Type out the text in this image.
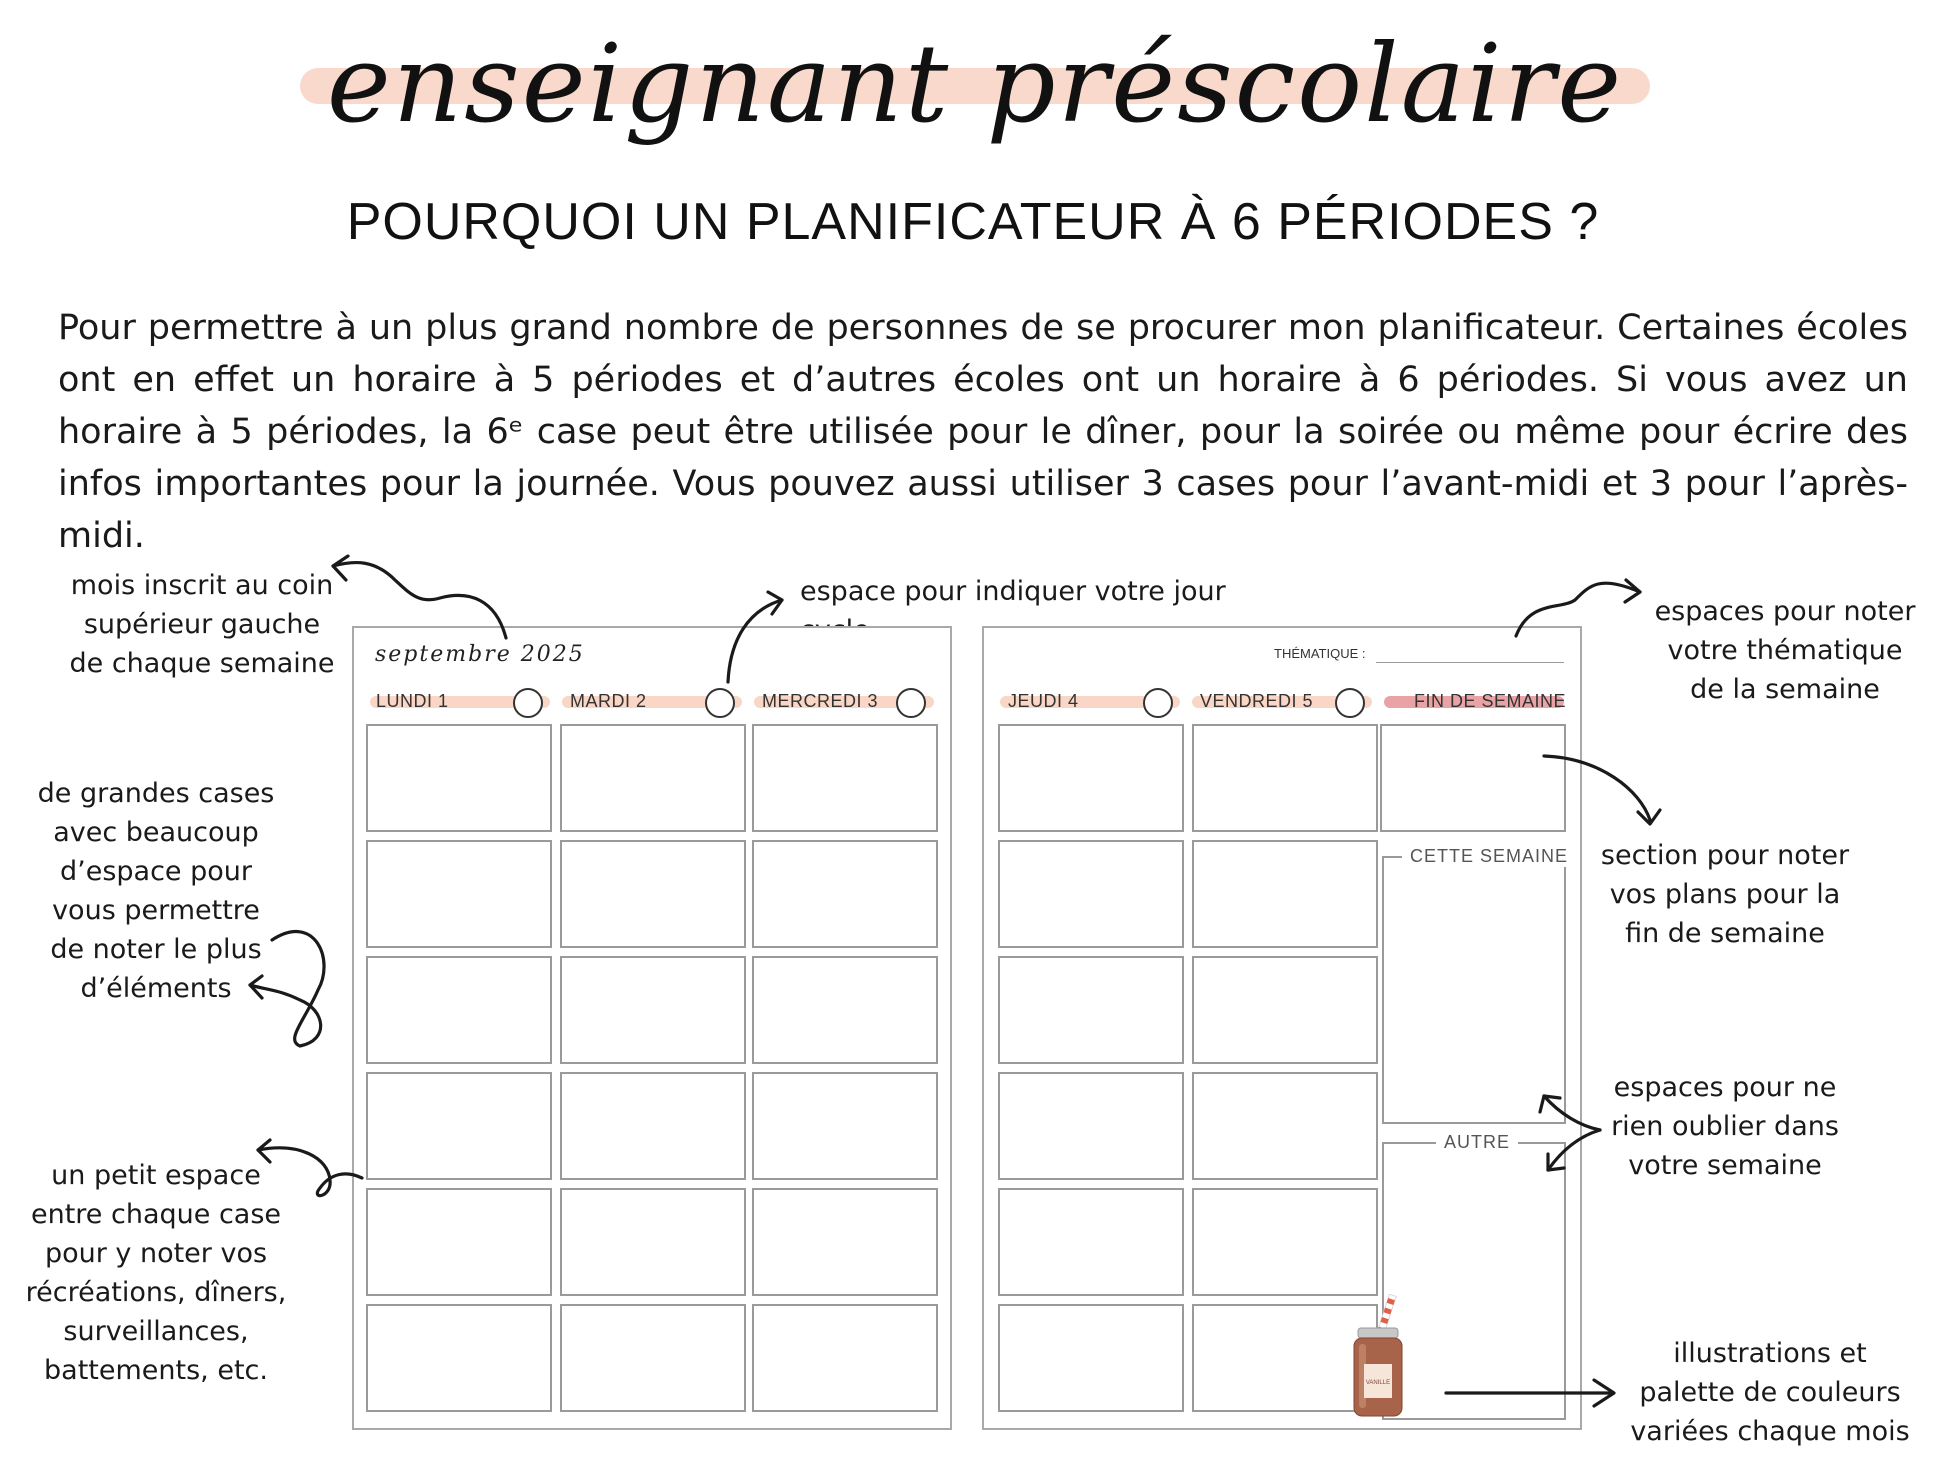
enseignant préscolaire
POURQUOI UN PLANIFICATEUR À 6 PÉRIODES ?

Pour permettre à un plus grand nombre de personnes de se procurer mon planificateur. Certaines écoles ont en effet un horaire à 5 périodes et d’autres écoles ont un horaire à 6 périodes. Si vous avez un horaire à 5 périodes, la 6ᵉ case peut être utilisée pour le dîner, pour la soirée ou même pour écrire des infos importantes pour la journée. Vous pouvez aussi utiliser 3 cases pour l’avant-midi et 3 pour l’après-midi.

mois inscrit au coin
supérieur gauche
de chaque semaine
espace pour indiquer votre jour
espaces pour noter
votre thématique
de la semaine
de grandes cases
avec beaucoup
d’espace pour
vous permettre
de noter le plus
d’éléments
section pour noter
vos plans pour la
fin de semaine
un petit espace
entre chaque case
pour y noter vos
récréations, dîners,
surveillances,
battements, etc.
espaces pour ne
rien oublier dans
votre semaine
illustrations et
palette de couleurs
variées chaque mois
septembre 2025
LUNDI 1	MARDI 2	MERCREDI 3
THÉMATIQUE :
JEUDI 4	VENDREDI 5	FIN DE SEMAINE
CETTE SEMAINE
AUTRE
VANILLE
